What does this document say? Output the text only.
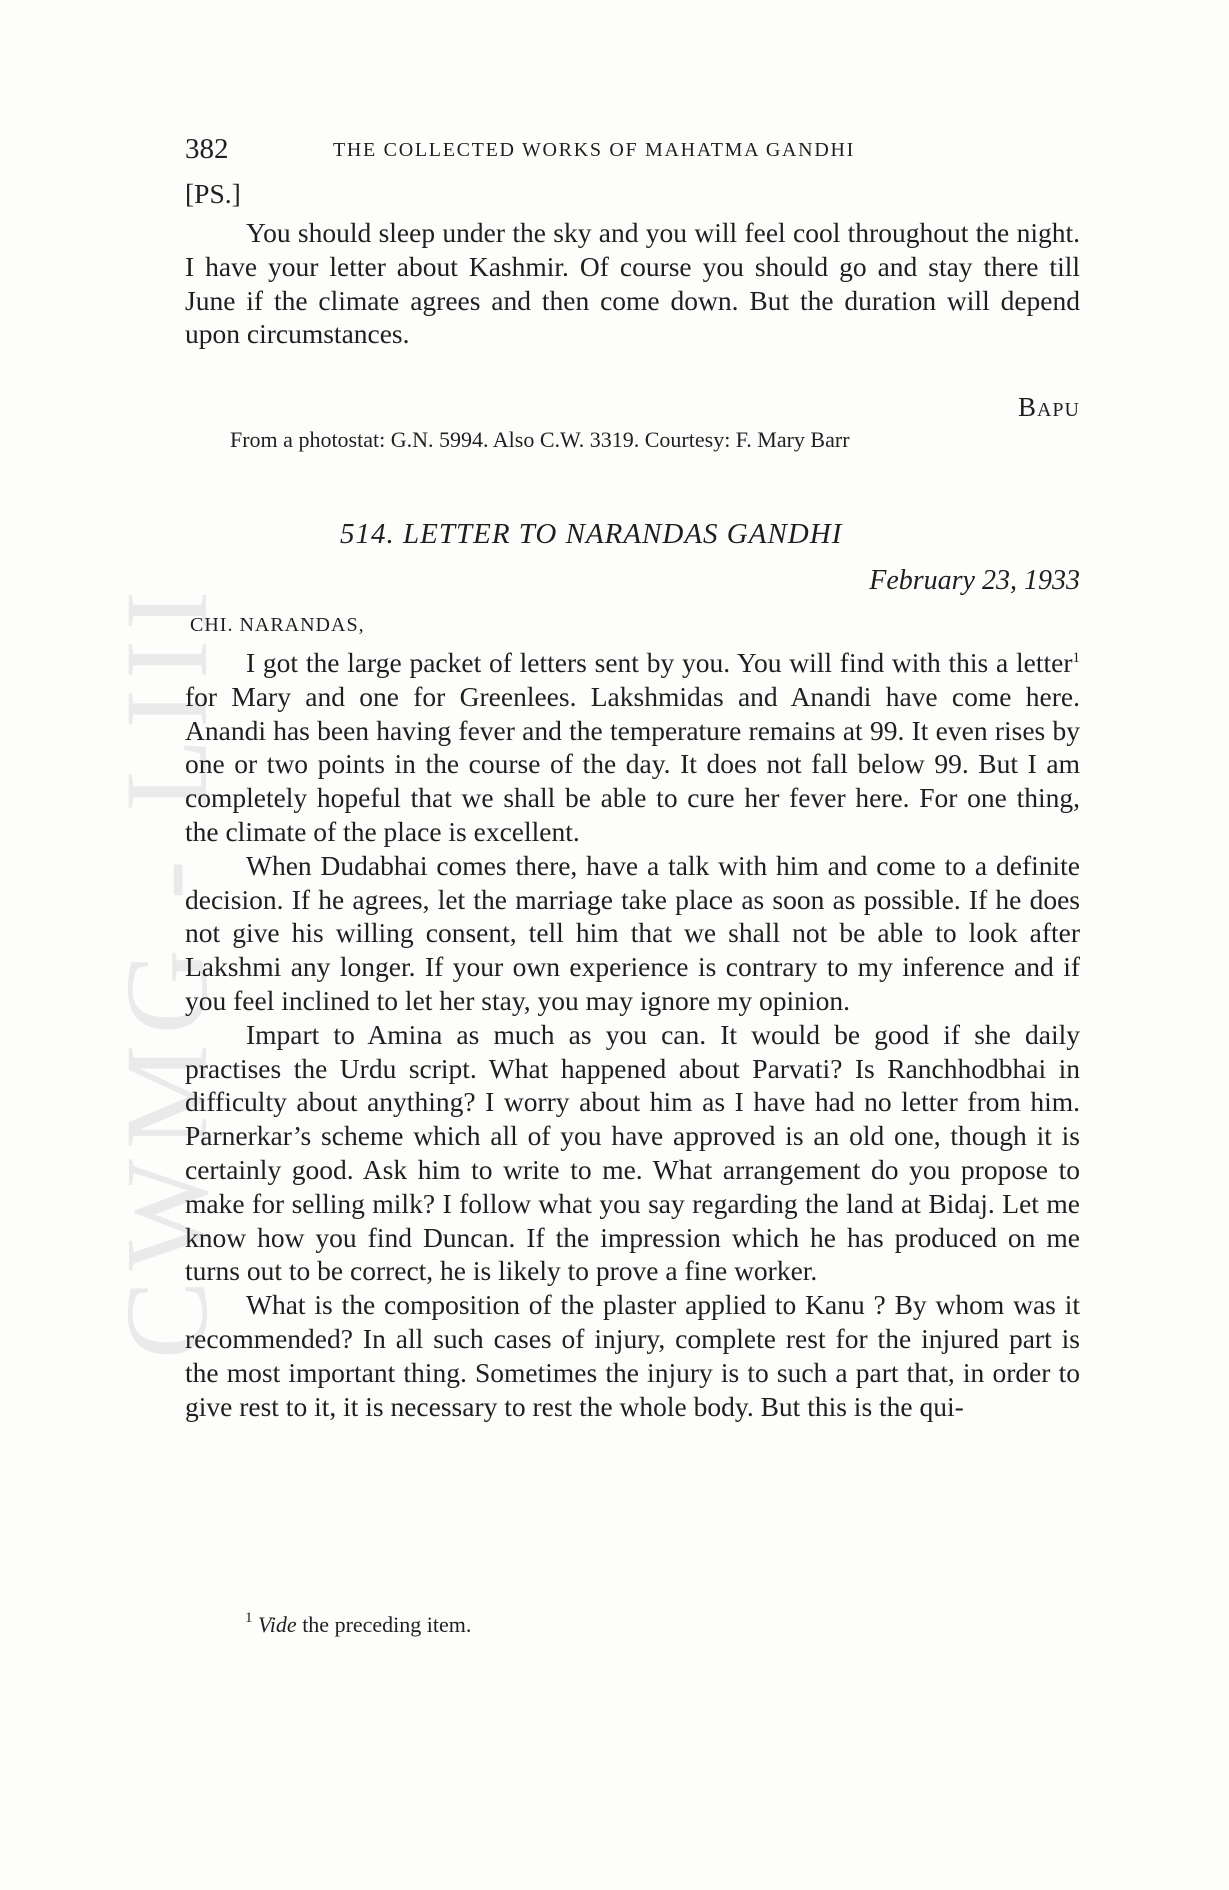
CWMG - LIII
382	THE COLLECTED WORKS OF MAHATMA GANDHI
[PS.]

You should sleep under the sky and you will feel cool throughout the night. I have your letter about Kashmir. Of course you should go and stay there till June if the climate agrees and then come down. But the duration will depend upon circumstances.

BAPU
From a photostat: G.N. 5994. Also C.W. 3319. Courtesy: F. Mary Barr
514. LETTER TO NARANDAS GANDHI
February 23, 1933
CHI. NARANDAS,

I got the large packet of letters sent by you. You will find with this a letter$^1$ for Mary and one for Greenlees. Lakshmidas and Anandi have come here. Anandi has been having fever and the temperature remains at 99. It even rises by one or two points in the course of the day. It does not fall below 99. But I am completely hopeful that we shall be able to cure her fever here. For one thing, the climate of the place is excellent.

When Dudabhai comes there, have a talk with him and come to a definite decision. If he agrees, let the marriage take place as soon as possible. If he does not give his willing consent, tell him that we shall not be able to look after Lakshmi any longer. If your own experience is contrary to my inference and if you feel inclined to let her stay, you may ignore my opinion.

Impart to Amina as much as you can. It would be good if she daily practises the Urdu script. What happened about Parvati? Is Ranchhodbhai in difficulty about anything? I worry about him as I have had no letter from him. Parnerkar’s scheme which all of you have approved is an old one, though it is certainly good. Ask him to write to me. What arrangement do you propose to make for selling milk? I follow what you say regarding the land at Bidaj. Let me know how you find Duncan. If the impression which he has produced on me turns out to be correct, he is likely to prove a fine worker.

What is the composition of the plaster applied to Kanu ? By whom was it recommended? In all such cases of injury, complete rest for the injured part is the most important thing. Sometimes the injury is to such a part that, in order to give rest to it, it is necessary to rest the whole body. But this is the qui-

$^1$ Vide the preceding item.
